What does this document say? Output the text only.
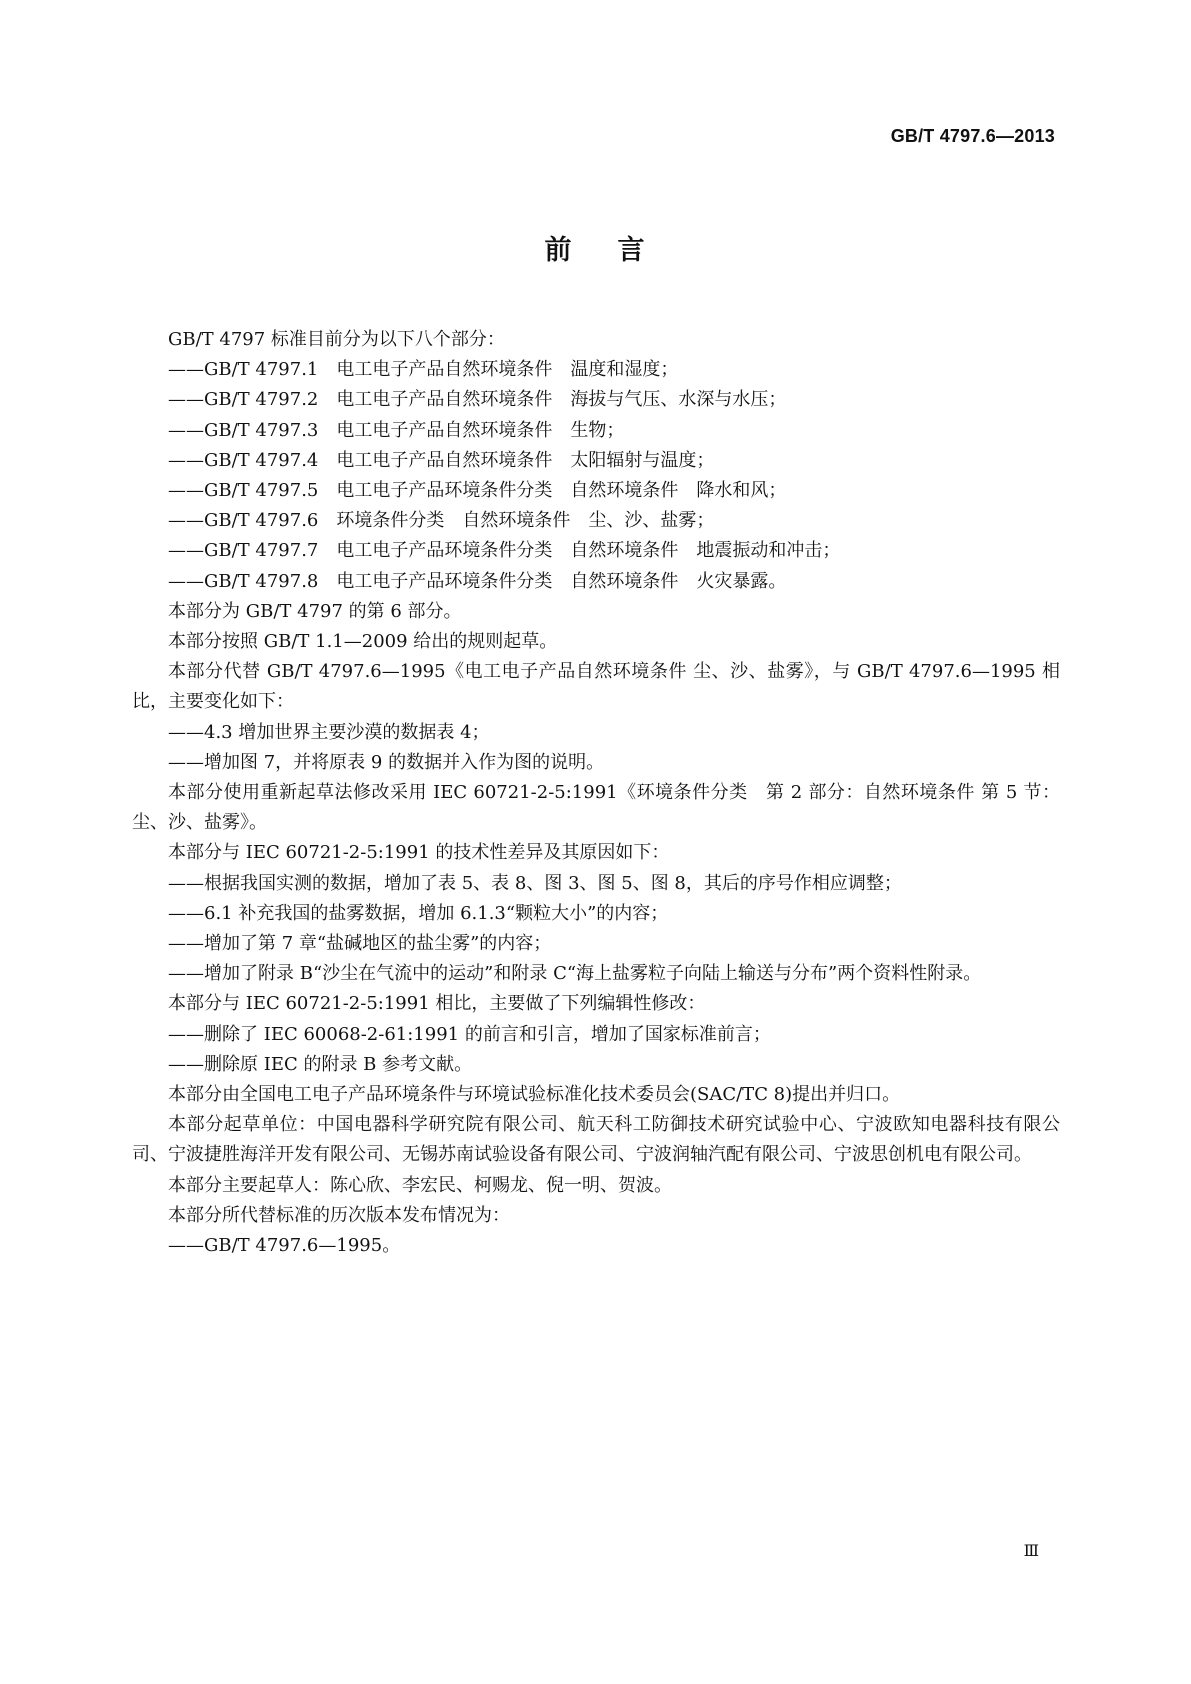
GB/T 4797.6—2013
前 言

GB/T 4797 标准目前分为以下八个部分：

——GB/T 4797.1 电工电子产品自然环境条件 温度和湿度；

——GB/T 4797.2 电工电子产品自然环境条件 海拔与气压、水深与水压；

——GB/T 4797.3 电工电子产品自然环境条件 生物；

——GB/T 4797.4 电工电子产品自然环境条件 太阳辐射与温度；

——GB/T 4797.5 电工电子产品环境条件分类 自然环境条件 降水和风；

——GB/T 4797.6 环境条件分类 自然环境条件 尘、沙、盐雾；

——GB/T 4797.7 电工电子产品环境条件分类 自然环境条件 地震振动和冲击；

——GB/T 4797.8 电工电子产品环境条件分类 自然环境条件 火灾暴露。

本部分为 GB/T 4797 的第 6 部分。

本部分按照 GB/T 1.1—2009 给出的规则起草。

本部分代替 GB/T 4797.6—1995《电工电子产品自然环境条件 尘、沙、盐雾》，与 GB/T 4797.6—1995 相比，主要变化如下：

——4.3 增加世界主要沙漠的数据表 4；

——增加图 7，并将原表 9 的数据并入作为图的说明。

本部分使用重新起草法修改采用 IEC 60721-2-5:1991《环境条件分类 第 2 部分：自然环境条件 第 5 节：尘、沙、盐雾》。

本部分与 IEC 60721-2-5:1991 的技术性差异及其原因如下：

——根据我国实测的数据，增加了表 5、表 8、图 3、图 5、图 8，其后的序号作相应调整；

——6.1 补充我国的盐雾数据，增加 6.1.3“颗粒大小”的内容；

——增加了第 7 章“盐碱地区的盐尘雾”的内容；

——增加了附录 B“沙尘在气流中的运动”和附录 C“海上盐雾粒子向陆上输送与分布”两个资料性附录。

本部分与 IEC 60721-2-5:1991 相比，主要做了下列编辑性修改：

——删除了 IEC 60068-2-61:1991 的前言和引言，增加了国家标准前言；

——删除原 IEC 的附录 B 参考文献。

本部分由全国电工电子产品环境条件与环境试验标准化技术委员会(SAC/TC 8)提出并归口。

本部分起草单位：中国电器科学研究院有限公司、航天科工防御技术研究试验中心、宁波欧知电器科技有限公司、宁波捷胜海洋开发有限公司、无锡苏南试验设备有限公司、宁波润轴汽配有限公司、宁波思创机电有限公司。

本部分主要起草人：陈心欣、李宏民、柯赐龙、倪一明、贺波。

本部分所代替标准的历次版本发布情况为：

——GB/T 4797.6—1995。

Ⅲ
